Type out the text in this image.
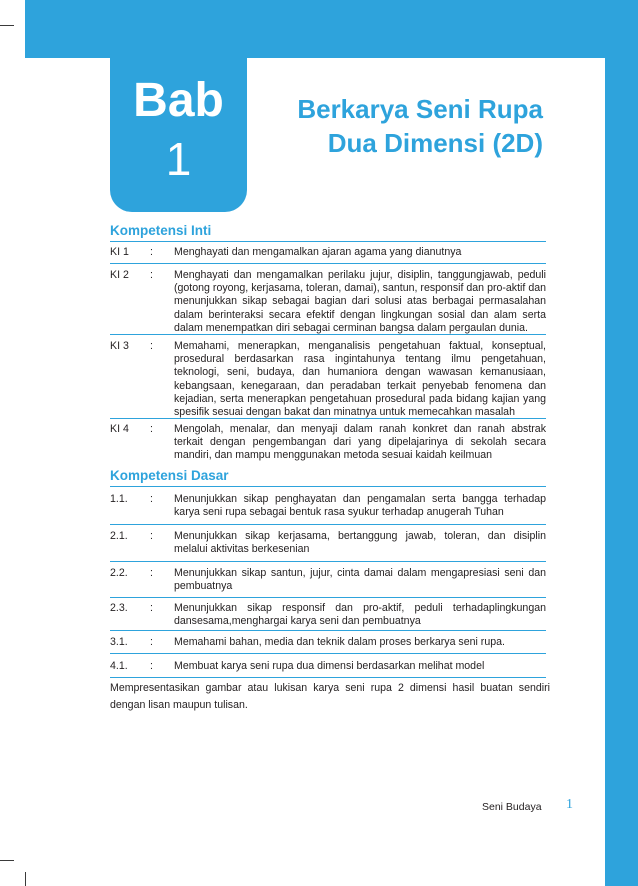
Bab
1
Berkarya Seni Rupa
Dua Dimensi (2D)
Kompetensi Inti
KI 1 : Menghayati dan mengamalkan ajaran agama yang dianutnya
KI 2 : Menghayati dan mengamalkan perilaku jujur, disiplin, tanggungjawab, peduli (gotong royong, kerjasama, toleran, damai), santun, responsif dan pro-aktif dan menunjukkan sikap sebagai bagian dari solusi atas berbagai permasalahan dalam berinteraksi secara efektif dengan lingkungan sosial dan alam serta dalam menempatkan diri sebagai cerminan bangsa dalam pergaulan dunia.
KI 3 : Memahami, menerapkan, menganalisis pengetahuan faktual, konseptual, prosedural berdasarkan rasa ingintahunya tentang ilmu pengetahuan, teknologi, seni, budaya, dan humaniora dengan wawasan kemanusiaan, kebangsaan, kenegaraan, dan peradaban terkait penyebab fenomena dan kejadian, serta menerapkan pengetahuan prosedural pada bidang kajian yang spesifik sesuai dengan bakat dan minatnya untuk memecahkan masalah
KI 4 : Mengolah, menalar, dan menyaji dalam ranah konkret dan ranah abstrak terkait dengan pengembangan dari yang dipelajarinya di sekolah secara mandiri, dan mampu menggunakan metoda sesuai kaidah keilmuan
Kompetensi Dasar
1.1. : Menunjukkan sikap penghayatan dan pengamalan serta bangga terhadap karya seni rupa sebagai bentuk rasa syukur terhadap anugerah Tuhan
2.1. : Menunjukkan sikap kerjasama, bertanggung jawab, toleran, dan disiplin melalui aktivitas berkesenian
2.2. : Menunjukkan sikap santun, jujur, cinta damai dalam mengapresiasi seni dan pembuatnya
2.3. : Menunjukkan sikap responsif dan pro-aktif, peduli terhadaplingkungan dansesama,menghargai karya seni dan pembuatnya
3.1. : Memahami bahan, media dan teknik dalam proses berkarya seni rupa.
4.1. : Membuat karya seni rupa dua dimensi berdasarkan melihat model
Mempresentasikan gambar atau lukisan karya seni rupa 2 dimensi hasil buatan sendiri dengan lisan maupun tulisan.
Seni Budaya 1
